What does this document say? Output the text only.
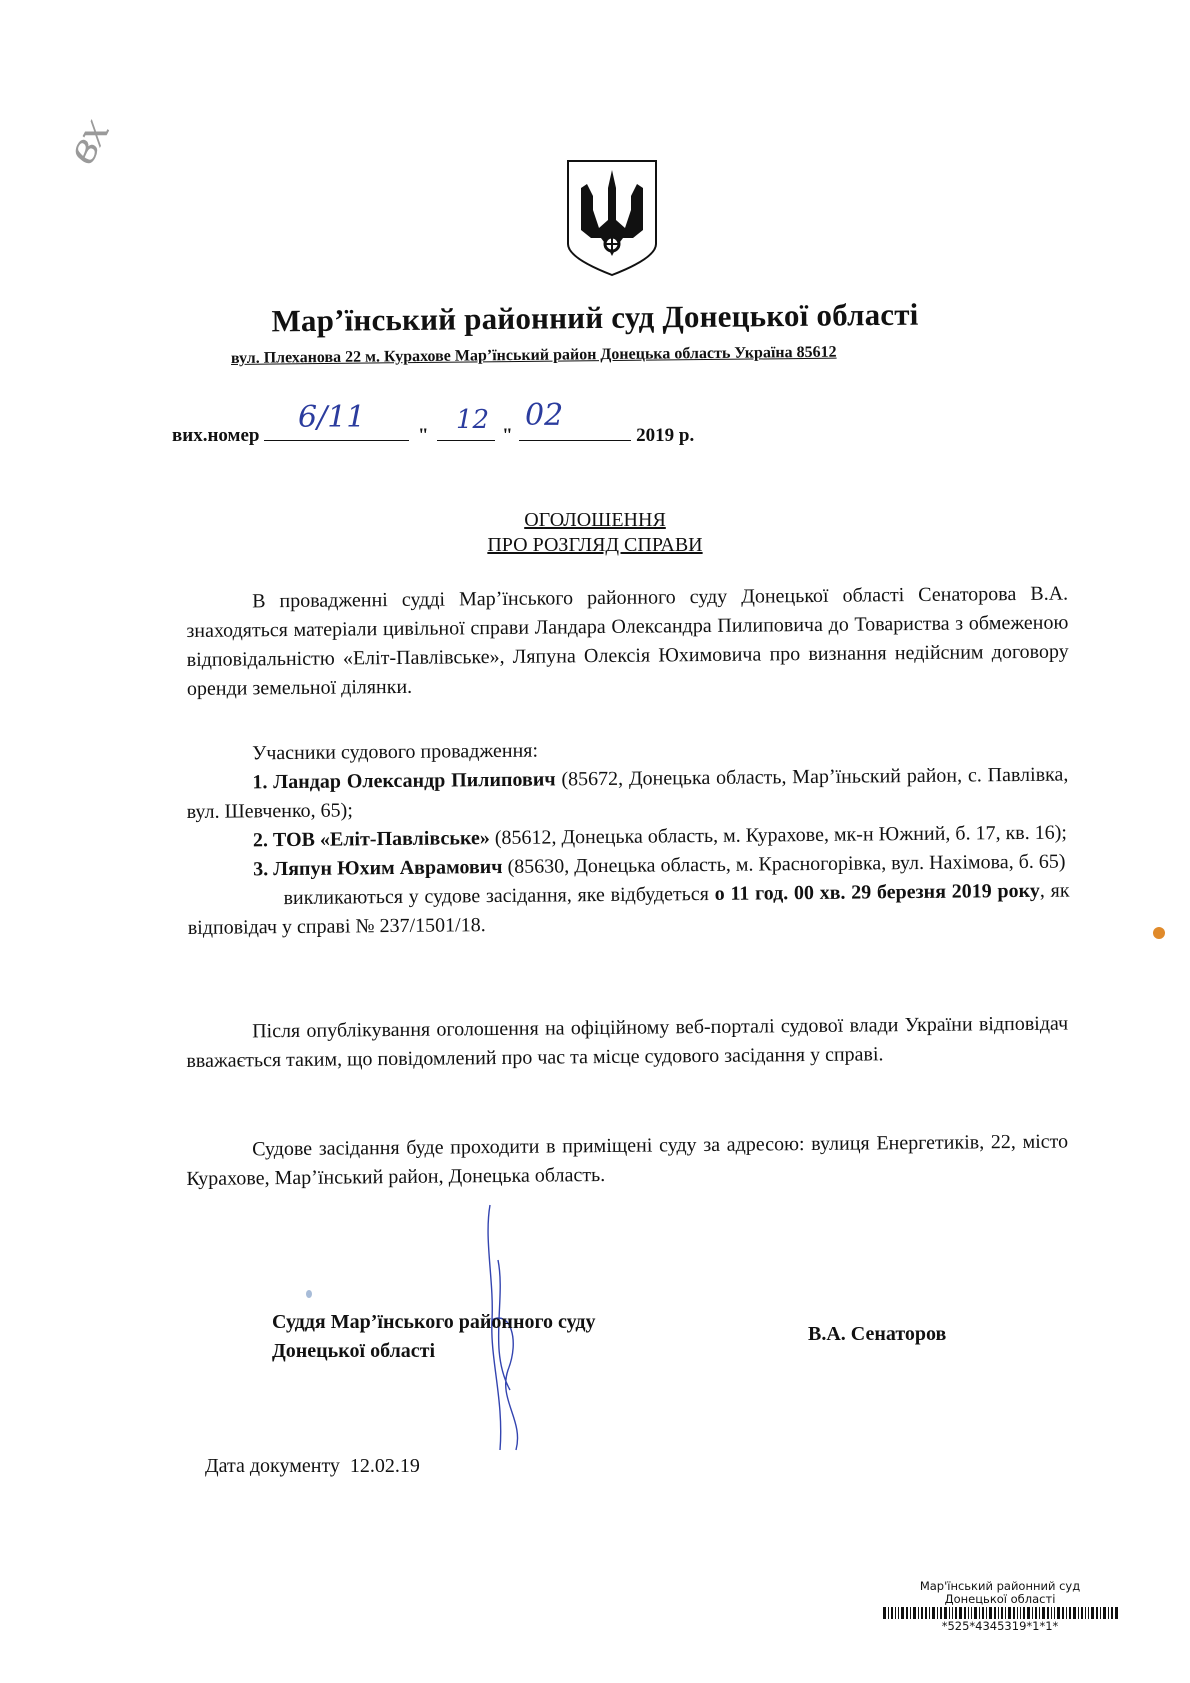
вх
Мар’їнський районний суд Донецької області
вул. Плеханова 22 м. Курахове Мар’їнський район Донецька область Україна 85612
вих.номер	"	"	2019 р.
6/11	12 02
ОГОЛОШЕННЯ
ПРО РОЗГЛЯД СПРАВИ
В провадженні судді Мар’їнського районного суду Донецької області Сенаторова В.А. знаходяться матеріали цивільної справи Ландара Олександра Пилиповича до Товариства з обмеженою відповідальністю «Еліт-Павлівське», Ляпуна Олексія Юхимовича про визнання недійсним договору оренди земельної ділянки.
Учасники судового провадження:
1. Ландар Олександр Пилипович (85672, Донецька область, Мар’їньский район, с. Павлівка, вул. Шевченко, 65);
2. ТОВ «Еліт-Павлівське» (85612, Донецька область, м. Курахове, мк-н Южний, б. 17, кв. 16);
3. Ляпун Юхим Аврамович (85630, Донецька область, м. Красногорівка, вул. Нахімова, б. 65)
викликаються у судове засідання, яке відбудеться о 11 год. 00 хв. 29 березня 2019 року, як відповідач у справі № 237/1501/18.
Після опублікування оголошення на офіційному веб-порталі судової влади України відповідач вважається таким, що повідомлений про час та місце судового засідання у справі.
Судове засідання буде проходити в приміщені суду за адресою: вулиця Енергетиків, 22, місто Курахове, Мар’їнський район, Донецька область.
Суддя Мар’їнського районного суду
Донецької області
В.А. Сенаторов
Дата документу 12.02.19
Мар'їнський районний суд
Донецької області
*525*4345319*1*1*
